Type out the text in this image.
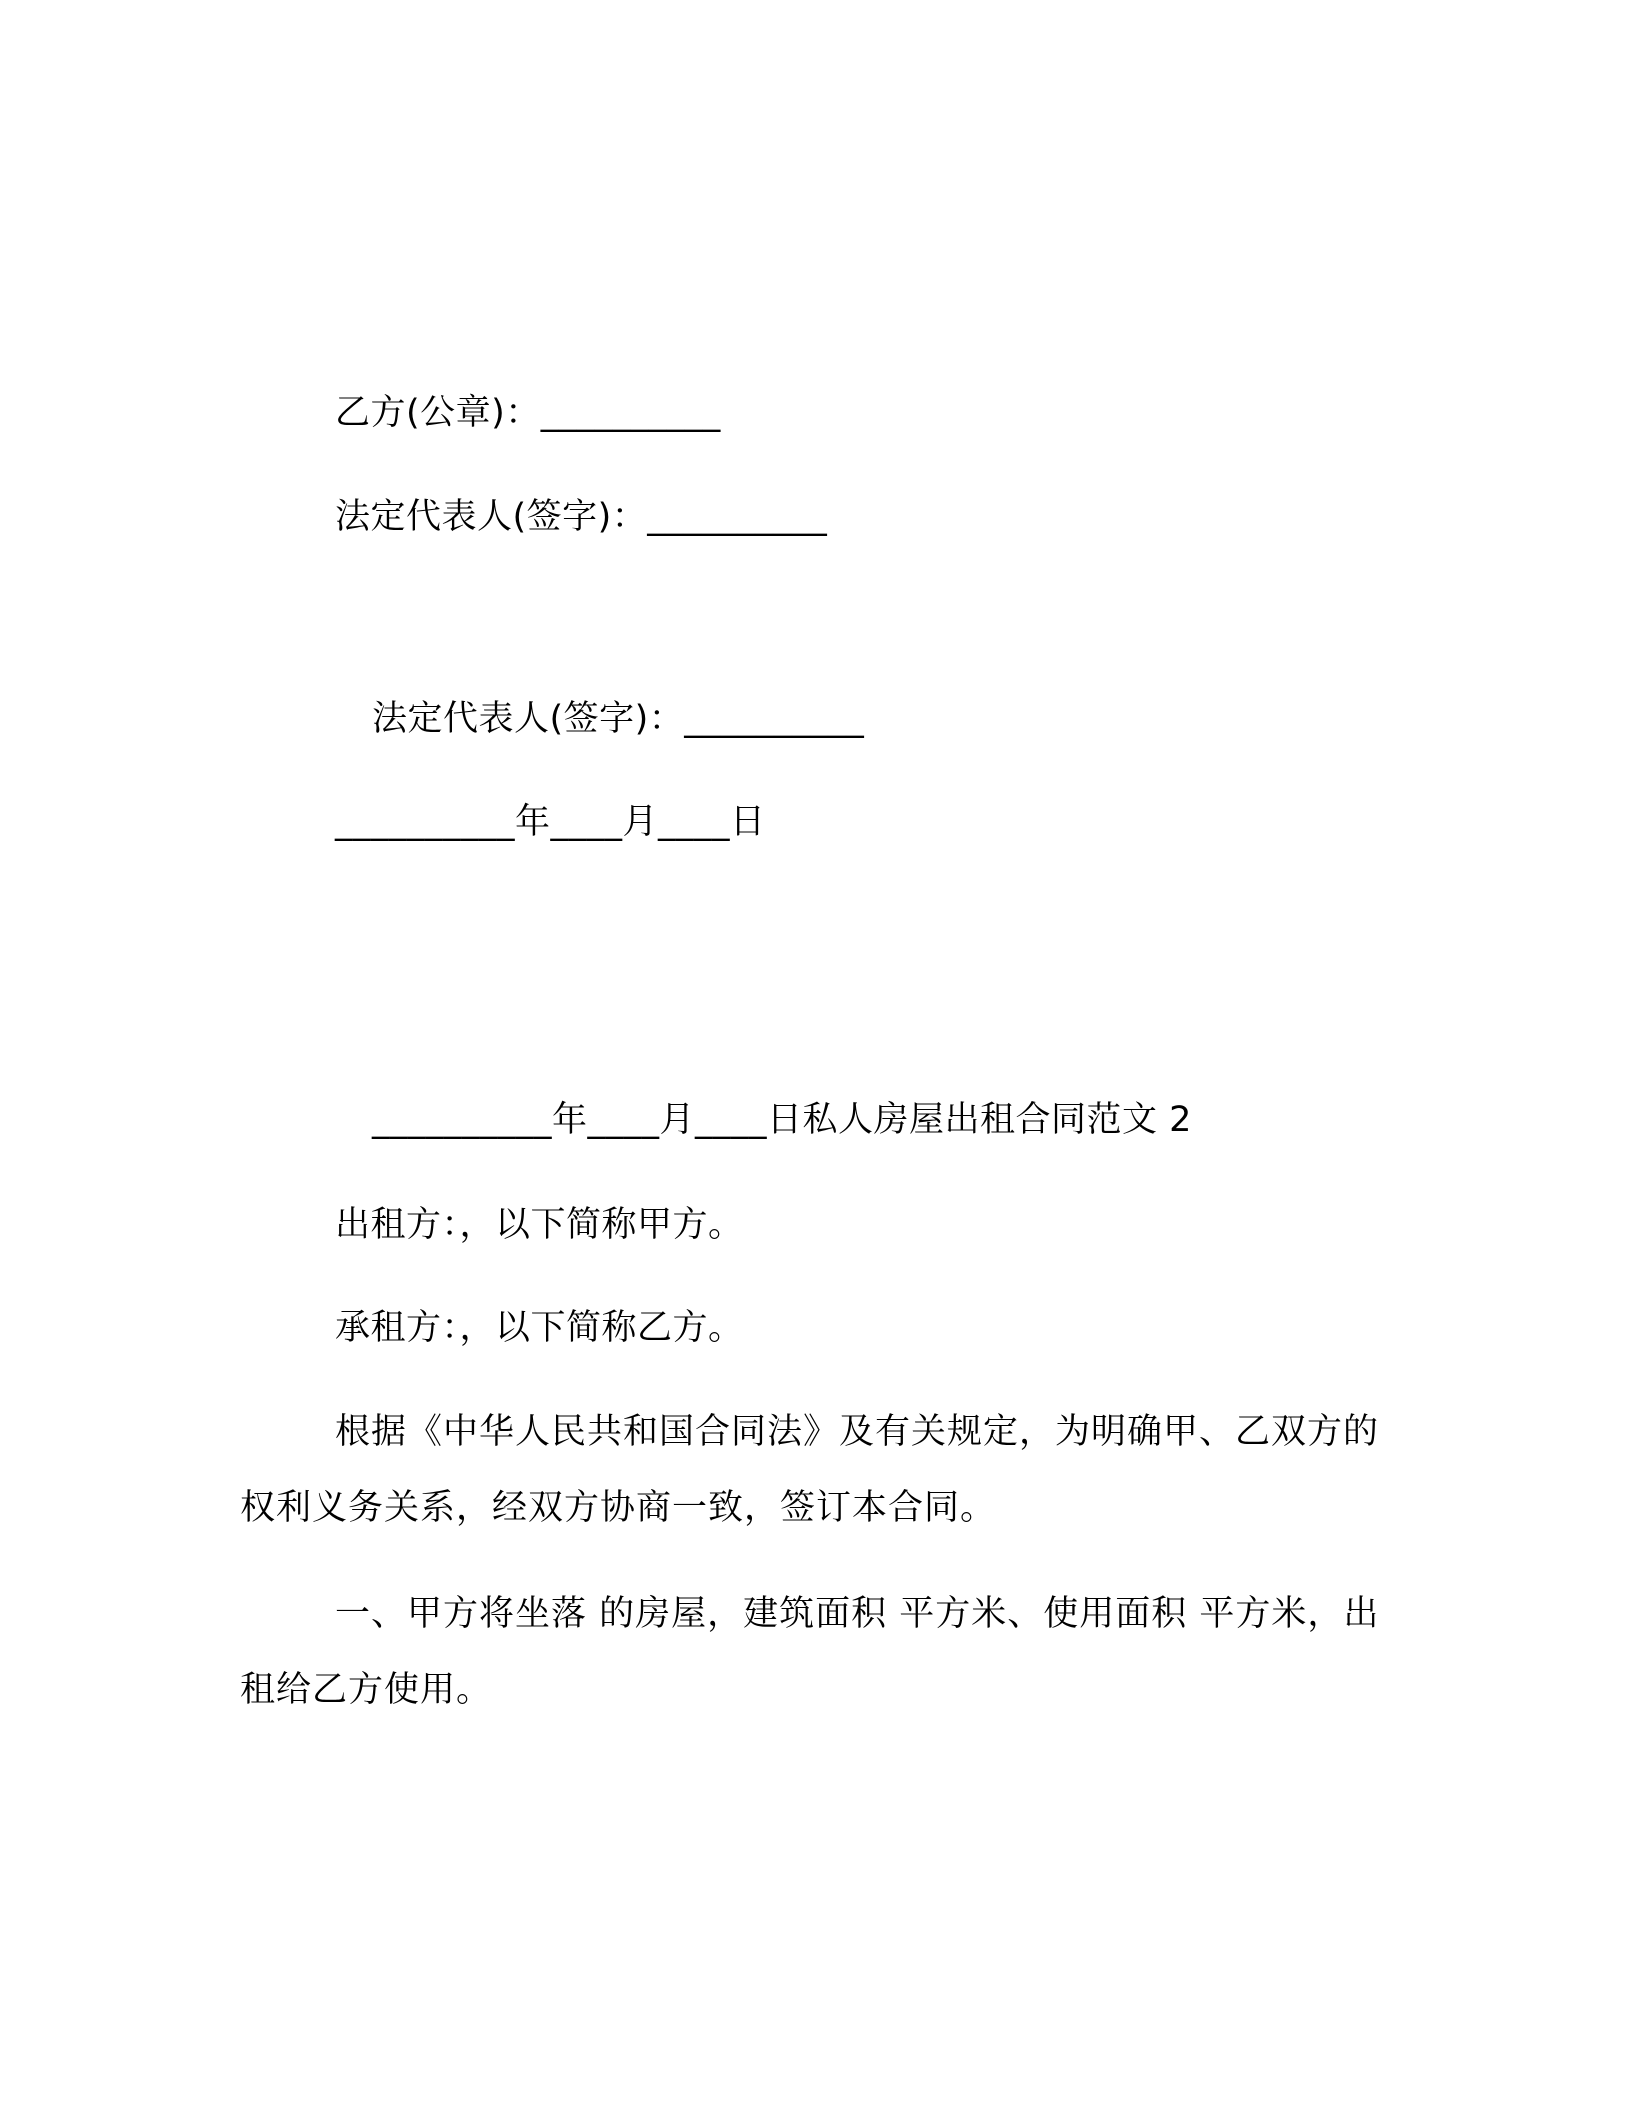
乙方(公章)：__________
法定代表人(签字)：__________
法定代表人(签字)：__________
__________年____月____日
__________年____月____日私人房屋出租合同范文 2
出租方：，以下简称甲方。
承租方：，以下简称乙方。
根据《中华人民共和国合同法》及有关规定，为明确甲、乙双方的权利义务关系，经双方协商一致，签订本合同。
一、甲方将坐落 的房屋，建筑面积 平方米、使用面积 平方米，出租给乙方使用。
